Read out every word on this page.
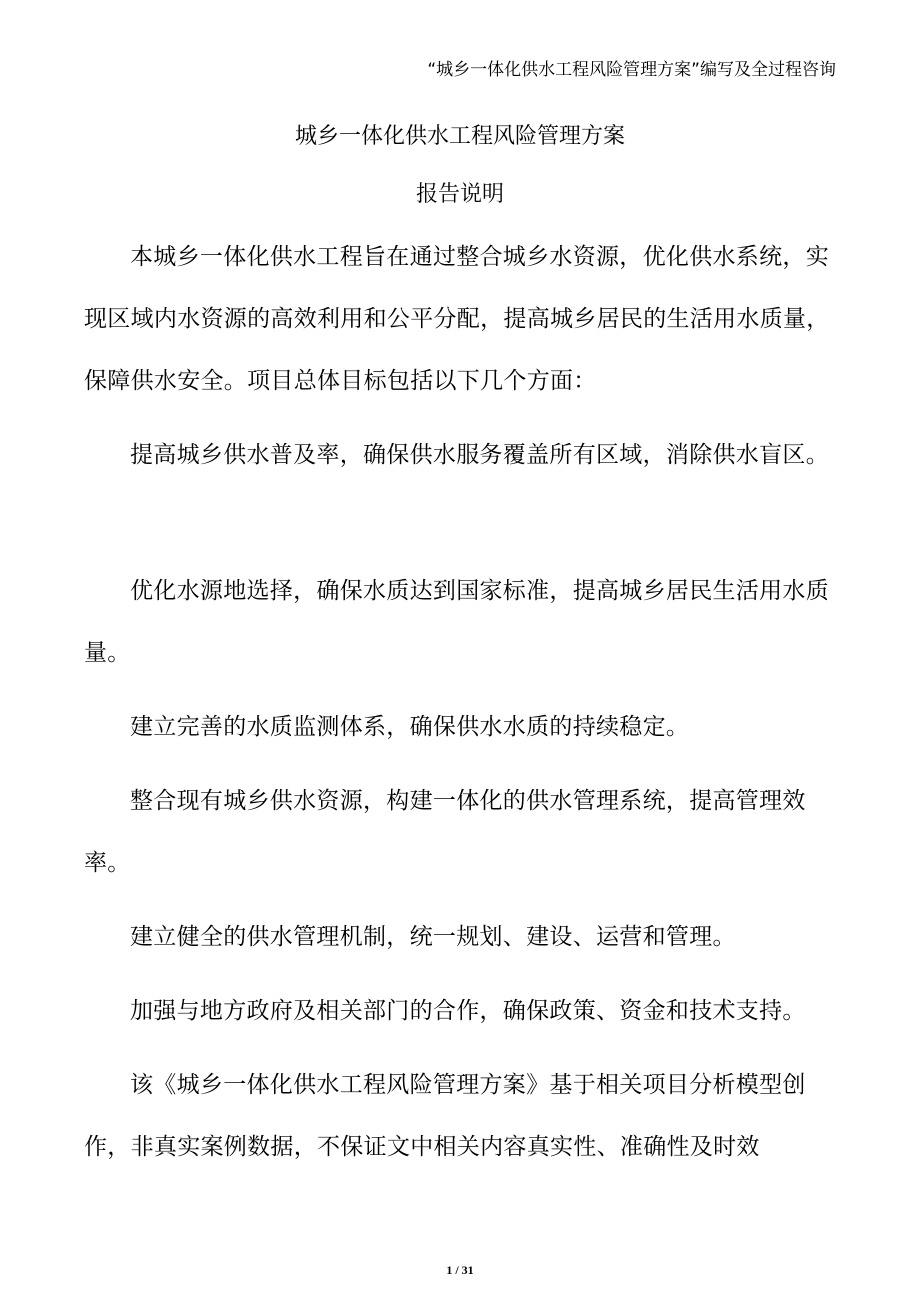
“城乡一体化供水工程风险管理方案”编写及全过程咨询
城乡一体化供水工程风险管理方案
报告说明

本城乡一体化供水工程旨在通过整合城乡水资源，优化供水系统，实现区域内水资源的高效利用和公平分配，提高城乡居民的生活用水质量，保障供水安全。项目总体目标包括以下几个方面：

提高城乡供水普及率，确保供水服务覆盖所有区域，消除供水盲区。

优化水源地选择，确保水质达到国家标准，提高城乡居民生活用水质量。

建立完善的水质监测体系，确保供水水质的持续稳定。

整合现有城乡供水资源，构建一体化的供水管理系统，提高管理效率。

建立健全的供水管理机制，统一规划、建设、运营和管理。

加强与地方政府及相关部门的合作，确保政策、资金和技术支持。

该《城乡一体化供水工程风险管理方案》基于相关项目分析模型创作，非真实案例数据，不保证文中相关内容真实性、准确性及时效

1 / 31
